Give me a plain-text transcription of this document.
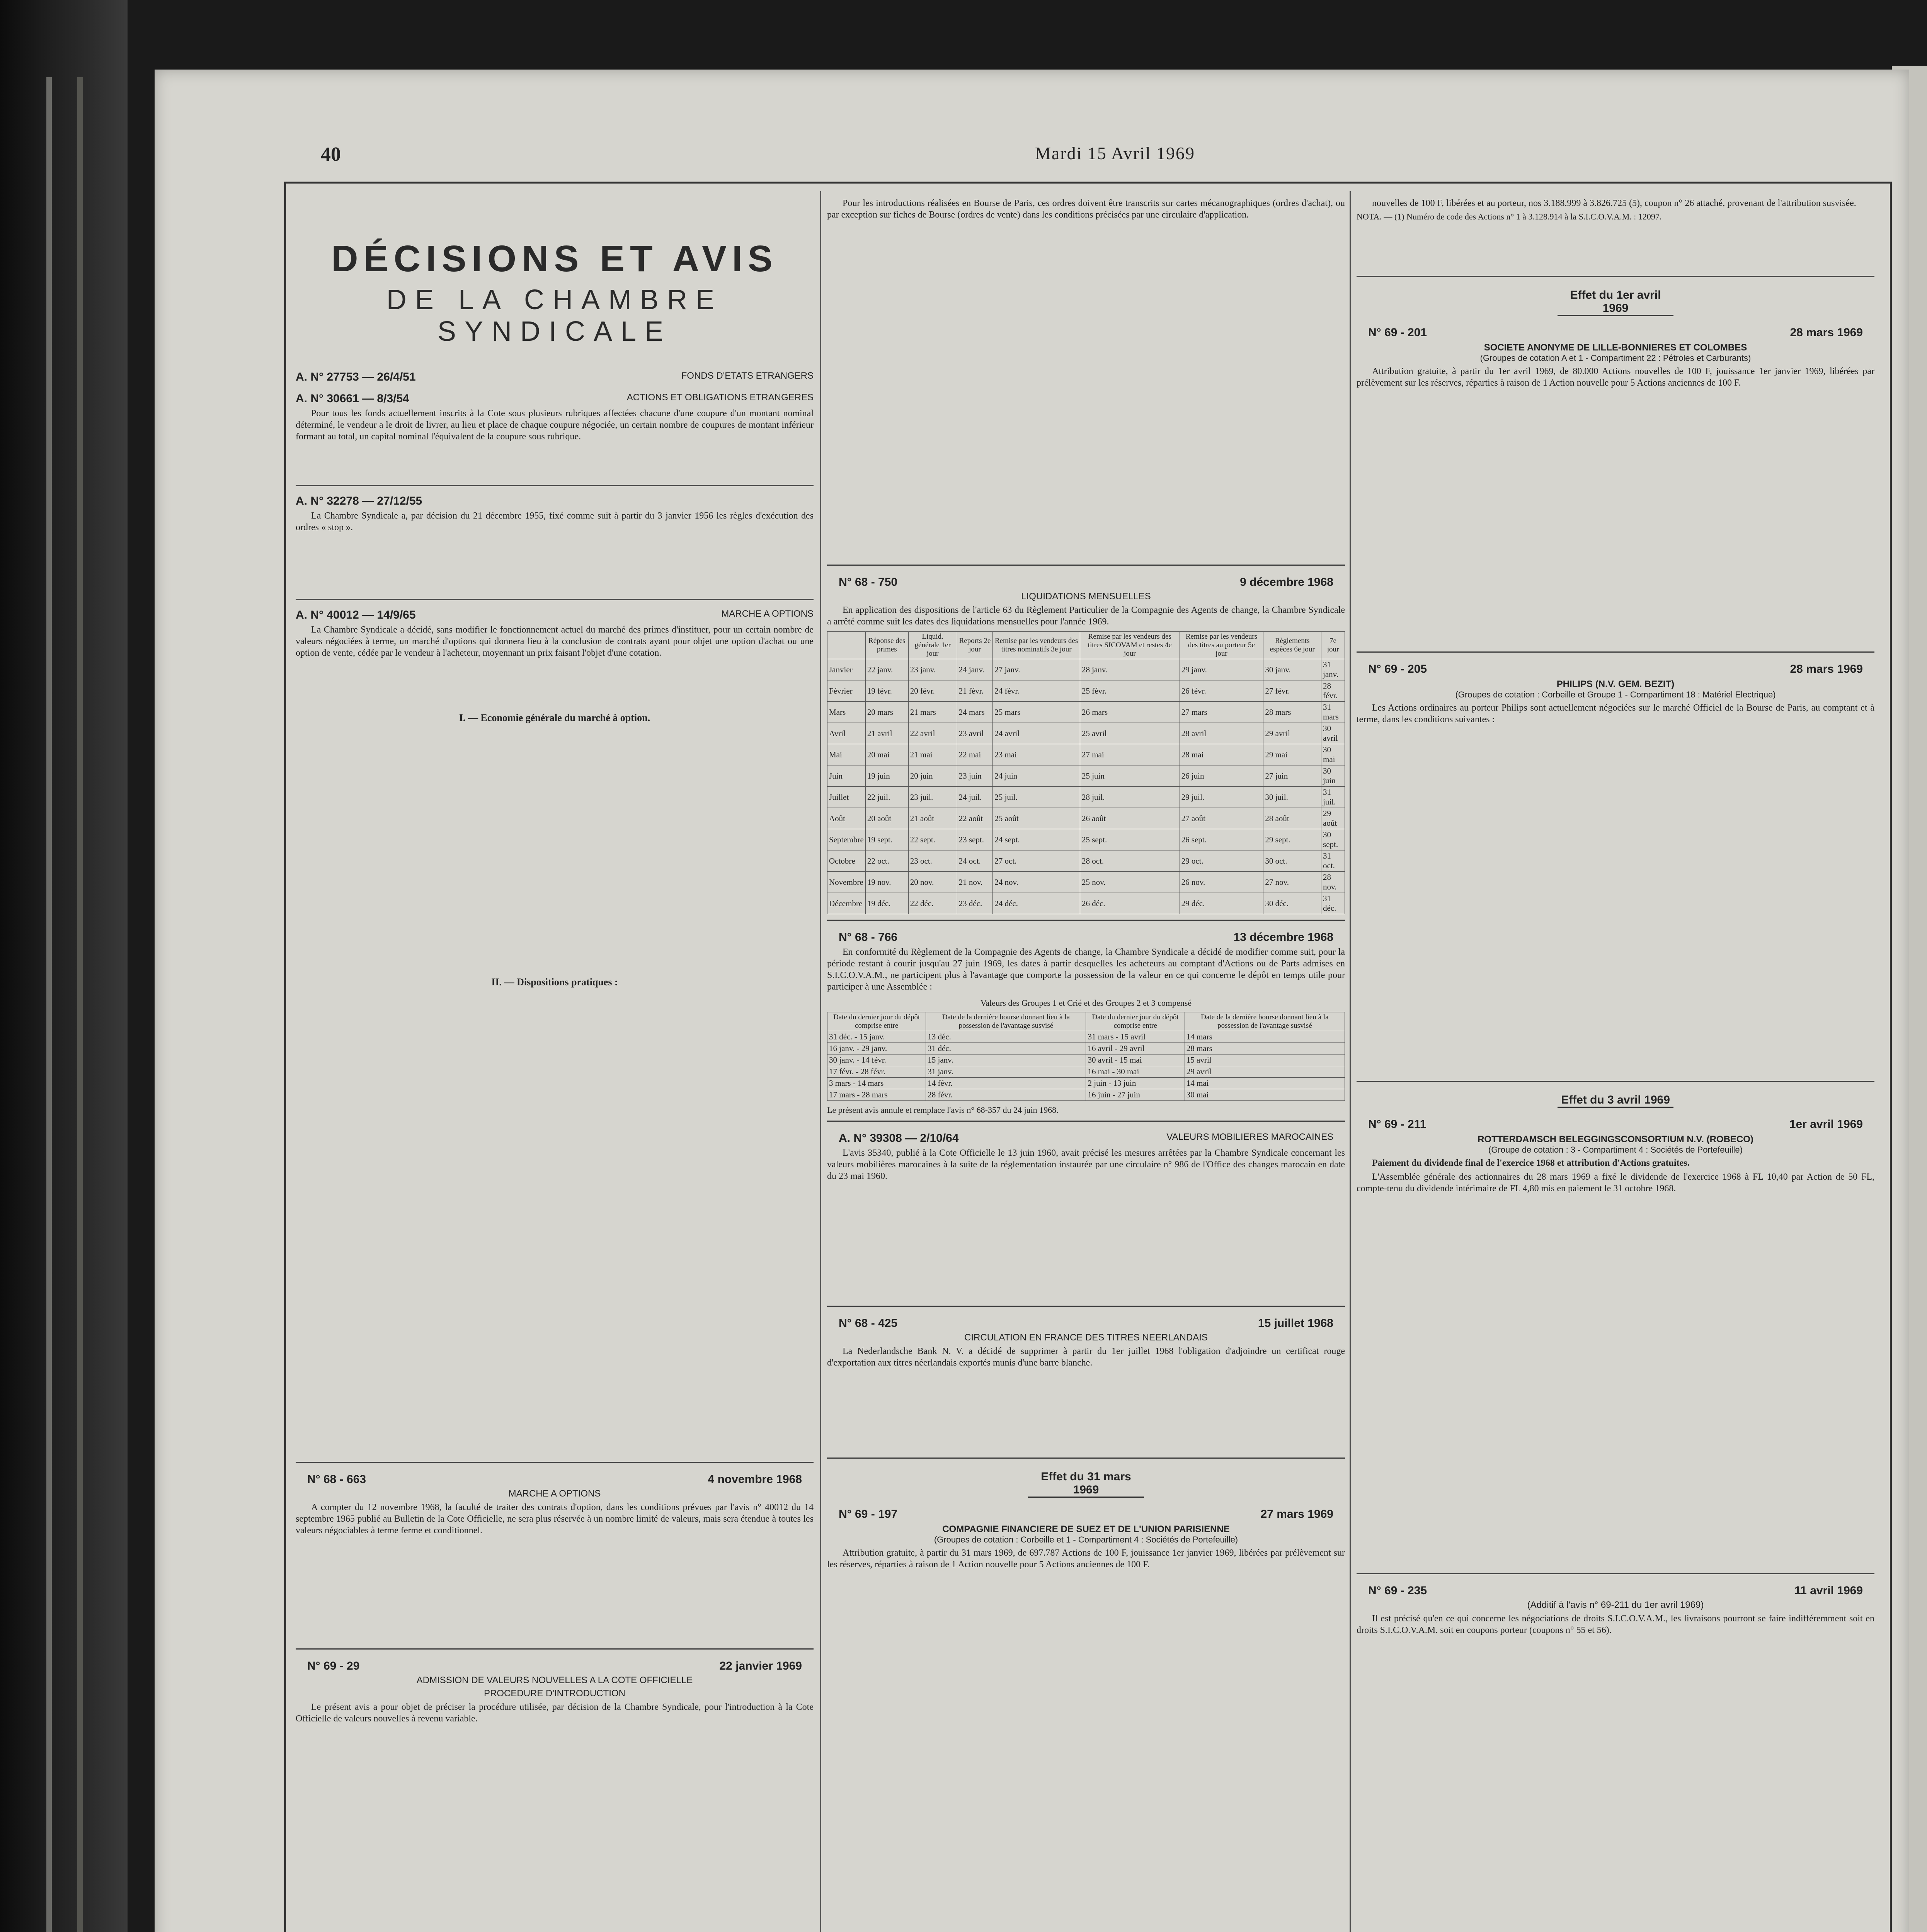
40	Mardi 15 Avril 1969
DÉCISIONS ET AVIS
DE LA CHAMBRE SYNDICALE
A. N° 27753 — 26/4/51	FONDS D'ETATS ETRANGERS
A. N° 30661 — 8/3/54	ACTIONS ET OBLIGATIONS ETRANGERES

Pour tous les fonds actuellement inscrits à la Cote sous plusieurs rubriques affectées chacune d'une coupure d'un montant nominal déterminé, le vendeur a le droit de livrer, au lieu et place de chaque coupure négociée, un certain nombre de coupures de montant inférieur formant au total, un capital nominal l'équivalent de la coupure sous rubrique.

A. N° 32278 — 27/12/55

La Chambre Syndicale a, par décision du 21 décembre 1955, fixé comme suit à partir du 3 janvier 1956 les règles d'exécution des ordres « stop ».

A. N° 40012 — 14/9/65	MARCHE A OPTIONS

La Chambre Syndicale a décidé, sans modifier le fonctionnement actuel du marché des primes d'instituer, pour un certain nombre de valeurs négociées à terme, un marché d'options qui donnera lieu à la conclusion de contrats ayant pour objet une option d'achat ou une option de vente, cédée par le vendeur à l'acheteur, moyennant un prix faisant l'objet d'une cotation.

I. — Economie générale du marché à option.
II. — Dispositions pratiques :
N° 68 - 663	4 novembre 1968
MARCHE A OPTIONS

A compter du 12 novembre 1968, la faculté de traiter des contrats d'option, dans les conditions prévues par l'avis n° 40012 du 14 septembre 1965 publié au Bulletin de la Cote Officielle, ne sera plus réservée à un nombre limité de valeurs, mais sera étendue à toutes les valeurs négociables à terme ferme et conditionnel.

N° 69 - 29	22 janvier 1969
ADMISSION DE VALEURS NOUVELLES A LA COTE OFFICIELLE
PROCEDURE D'INTRODUCTION

Le présent avis a pour objet de préciser la procédure utilisée, par décision de la Chambre Syndicale, pour l'introduction à la Cote Officielle de valeurs nouvelles à revenu variable.

Pour les introductions réalisées en Bourse de Paris, ces ordres doivent être transcrits sur cartes mécanographiques (ordres d'achat), ou par exception sur fiches de Bourse (ordres de vente) dans les conditions précisées par une circulaire d'application.

N° 68 - 750	9 décembre 1968
LIQUIDATIONS MENSUELLES

En application des dispositions de l'article 63 du Règlement Particulier de la Compagnie des Agents de change, la Chambre Syndicale a arrêté comme suit les dates des liquidations mensuelles pour l'année 1969.

	Réponse des primes	Liquid. générale 1er jour	Reports 2e jour	Remise par les vendeurs des titres nominatifs 3e jour	Remise par les vendeurs des titres SICOVAM et restes 4e jour	Remise par les vendeurs des titres au porteur 5e jour	Règlements espèces 6e jour	7e jour
Janvier	22 janv.	23 janv.	24 janv.	27 janv.	28 janv.	29 janv.	30 janv.	31 janv.
Février	19 févr.	20 févr.	21 févr.	24 févr.	25 févr.	26 févr.	27 févr.	28 févr.
Mars	20 mars	21 mars	24 mars	25 mars	26 mars	27 mars	28 mars	31 mars
Avril	21 avril	22 avril	23 avril	24 avril	25 avril	28 avril	29 avril	30 avril
Mai	20 mai	21 mai	22 mai	23 mai	27 mai	28 mai	29 mai	30 mai
Juin	19 juin	20 juin	23 juin	24 juin	25 juin	26 juin	27 juin	30 juin
Juillet	22 juil.	23 juil.	24 juil.	25 juil.	28 juil.	29 juil.	30 juil.	31 juil.
Août	20 août	21 août	22 août	25 août	26 août	27 août	28 août	29 août
Septembre	19 sept.	22 sept.	23 sept.	24 sept.	25 sept.	26 sept.	29 sept.	30 sept.
Octobre	22 oct.	23 oct.	24 oct.	27 oct.	28 oct.	29 oct.	30 oct.	31 oct.
Novembre	19 nov.	20 nov.	21 nov.	24 nov.	25 nov.	26 nov.	27 nov.	28 nov.
Décembre	19 déc.	22 déc.	23 déc.	24 déc.	26 déc.	29 déc.	30 déc.	31 déc.
N° 68 - 766	13 décembre 1968

En conformité du Règlement de la Compagnie des Agents de change, la Chambre Syndicale a décidé de modifier comme suit, pour la période restant à courir jusqu'au 27 juin 1969, les dates à partir desquelles les acheteurs au comptant d'Actions ou de Parts admises en S.I.C.O.V.A.M., ne participent plus à l'avantage que comporte la possession de la valeur en ce qui concerne le dépôt en temps utile pour participer à une Assemblée :

Valeurs des Groupes 1 et Crié et des Groupes 2 et 3 compensé
Date du dernier jour du dépôt comprise entre	Date de la dernière bourse donnant lieu à la possession de l'avantage susvisé	Date du dernier jour du dépôt comprise entre	Date de la dernière bourse donnant lieu à la possession de l'avantage susvisé
31 déc. - 15 janv.	13 déc.	31 mars - 15 avril	14 mars
16 janv. - 29 janv.	31 déc.	16 avril - 29 avril	28 mars
30 janv. - 14 févr.	15 janv.	30 avril - 15 mai	15 avril
17 févr. - 28 févr.	31 janv.	16 mai - 30 mai	29 avril
3 mars - 14 mars	14 févr.	2 juin - 13 juin	14 mai
17 mars - 28 mars	28 févr.	16 juin - 27 juin	30 mai

Le présent avis annule et remplace l'avis n° 68-357 du 24 juin 1968.

A. N° 39308 — 2/10/64	VALEURS MOBILIERES MAROCAINES

L'avis 35340, publié à la Cote Officielle le 13 juin 1960, avait précisé les mesures arrêtées par la Chambre Syndicale concernant les valeurs mobilières marocaines à la suite de la réglementation instaurée par une circulaire n° 986 de l'Office des changes marocain en date du 23 mai 1960.

N° 68 - 425	15 juillet 1968
CIRCULATION EN FRANCE DES TITRES NEERLANDAIS

La Nederlandsche Bank N. V. a décidé de supprimer à partir du 1er juillet 1968 l'obligation d'adjoindre un certificat rouge d'exportation aux titres néerlandais exportés munis d'une barre blanche.

Effet du 31 mars 1969
N° 69 - 197	27 mars 1969
COMPAGNIE FINANCIERE DE SUEZ ET DE L'UNION PARISIENNE
(Groupes de cotation : Corbeille et 1 - Compartiment 4 : Sociétés de Portefeuille)

Attribution gratuite, à partir du 31 mars 1969, de 697.787 Actions de 100 F, jouissance 1er janvier 1969, libérées par prélèvement sur les réserves, réparties à raison de 1 Action nouvelle pour 5 Actions anciennes de 100 F.

nouvelles de 100 F, libérées et au porteur, nos 3.188.999 à 3.826.725 (5), coupon n° 26 attaché, provenant de l'attribution susvisée.

NOTA. — (1) Numéro de code des Actions n° 1 à 3.128.914 à la S.I.C.O.V.A.M. : 12097.

Effet du 1er avril 1969
N° 69 - 201	28 mars 1969
SOCIETE ANONYME DE LILLE-BONNIERES ET COLOMBES
(Groupes de cotation A et 1 - Compartiment 22 : Pétroles et Carburants)

Attribution gratuite, à partir du 1er avril 1969, de 80.000 Actions nouvelles de 100 F, jouissance 1er janvier 1969, libérées par prélèvement sur les réserves, réparties à raison de 1 Action nouvelle pour 5 Actions anciennes de 100 F.

N° 69 - 205	28 mars 1969
PHILIPS (N.V. GEM. BEZIT)
(Groupes de cotation : Corbeille et Groupe 1 - Compartiment 18 : Matériel Electrique)

Les Actions ordinaires au porteur Philips sont actuellement négociées sur le marché Officiel de la Bourse de Paris, au comptant et à terme, dans les conditions suivantes :

Effet du 3 avril 1969
N° 69 - 211	1er avril 1969
ROTTERDAMSCH BELEGGINGSCONSORTIUM N.V. (ROBECO)
(Groupe de cotation : 3 - Compartiment 4 : Sociétés de Portefeuille)

Paiement du dividende final de l'exercice 1968 et attribution d'Actions gratuites.

L'Assemblée générale des actionnaires du 28 mars 1969 a fixé le dividende de l'exercice 1968 à FL 10,40 par Action de 50 FL, compte-tenu du dividende intérimaire de FL 4,80 mis en paiement le 31 octobre 1968.

N° 69 - 235	11 avril 1969
(Additif à l'avis n° 69-211 du 1er avril 1969)

Il est précisé qu'en ce qui concerne les négociations de droits S.I.C.O.V.A.M., les livraisons pourront se faire indifféremment soit en droits S.I.C.O.V.A.M. soit en coupons porteur (coupons n° 55 et 56).
